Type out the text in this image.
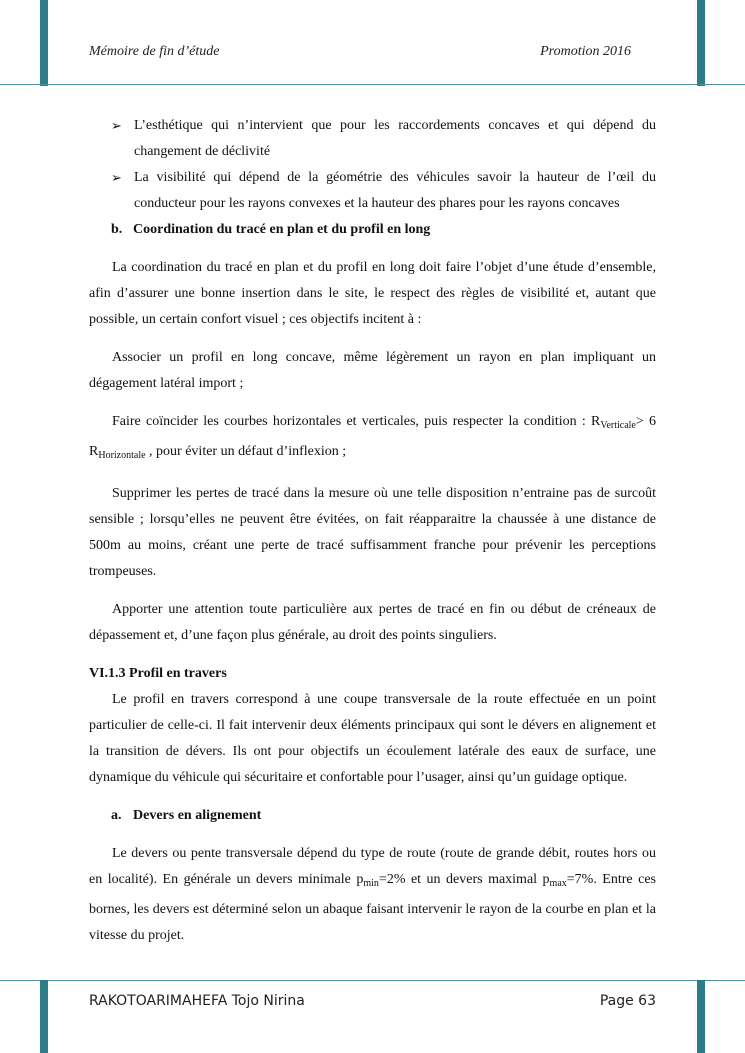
Mémoire de fin d’étude	Promotion 2016
➢ L’esthétique qui n’intervient que pour les raccordements concaves et qui dépend du changement de déclivité
➢ La visibilité qui dépend de la géométrie des véhicules savoir la hauteur de l’œil du conducteur pour les rayons convexes et la hauteur des phares pour les rayons concaves
b. Coordination du tracé en plan et du profil en long

La coordination du tracé en plan et du profil en long doit faire l’objet d’une étude d’ensemble, afin d’assurer une bonne insertion dans le site, le respect des règles de visibilité et, autant que possible, un certain confort visuel ; ces objectifs incitent à :

Associer un profil en long concave, même légèrement un rayon en plan impliquant un dégagement latéral import ;

Faire coïncider les courbes horizontales et verticales, puis respecter la condition : $R_{Verticale}> 6$ $R_{Horizontale}$ , pour éviter un défaut d’inflexion ;

Supprimer les pertes de tracé dans la mesure où une telle disposition n’entraine pas de surcoût sensible ; lorsqu’elles ne peuvent être évitées, on fait réapparaitre la chaussée à une distance de 500m au moins, créant une perte de tracé suffisamment franche pour prévenir les perceptions trompeuses.

Apporter une attention toute particulière aux pertes de tracé en fin ou début de créneaux de dépassement et, d’une façon plus générale, au droit des points singuliers.

VI.1.3 Profil en travers

Le profil en travers correspond à une coupe transversale de la route effectuée en un point particulier de celle-ci. Il fait intervenir deux éléments principaux qui sont le dévers en alignement et la transition de dévers. Ils ont pour objectifs un écoulement latérale des eaux de surface, une dynamique du véhicule qui sécuritaire et confortable pour l’usager, ainsi qu’un guidage optique.

a. Devers en alignement

Le devers ou pente transversale dépend du type de route (route de grande débit, routes hors ou en localité). En générale un devers minimale $p_{min}=2\%$ et un devers maximal $p_{max}=7\%$. Entre ces bornes, les devers est déterminé selon un abaque faisant intervenir le rayon de la courbe en plan et la vitesse du projet.

RAKOTOARIMAHEFA Tojo Nirina	Page 63
